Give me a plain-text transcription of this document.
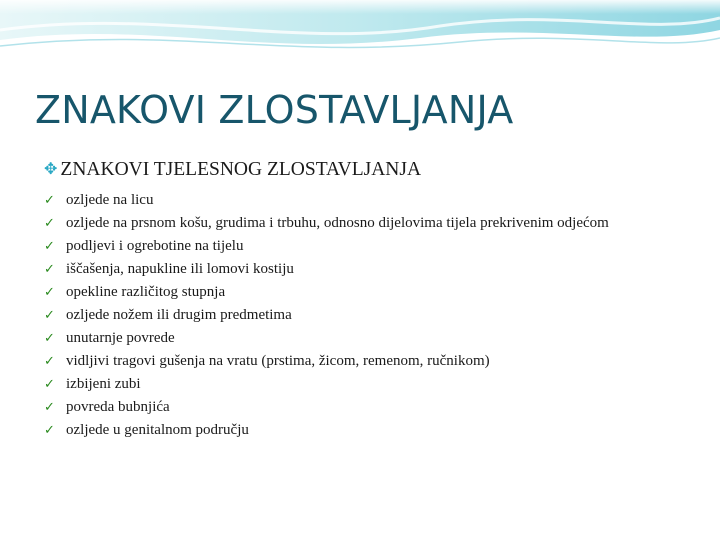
ZNAKOVI ZLOSTAVLJANJA
✥ ZNAKOVI TJELESNOG ZLOSTAVLJANJA
✓ ozljede na licu
✓ ozljede na prsnom košu, grudima i trbuhu, odnosno dijelovima tijela prekrivenim odjećom
✓ podljevi i ogrebotine na tijelu
✓ iščašenja, napukline ili lomovi kostiju
✓ opekline različitog stupnja
✓ ozljede nožem ili drugim predmetima
✓ unutarnje povrede
✓ vidljivi tragovi gušenja na vratu (prstima, žicom, remenom, ručnikom)
✓ izbijeni zubi
✓ povreda bubnjića
✓ ozljede u genitalnom području
